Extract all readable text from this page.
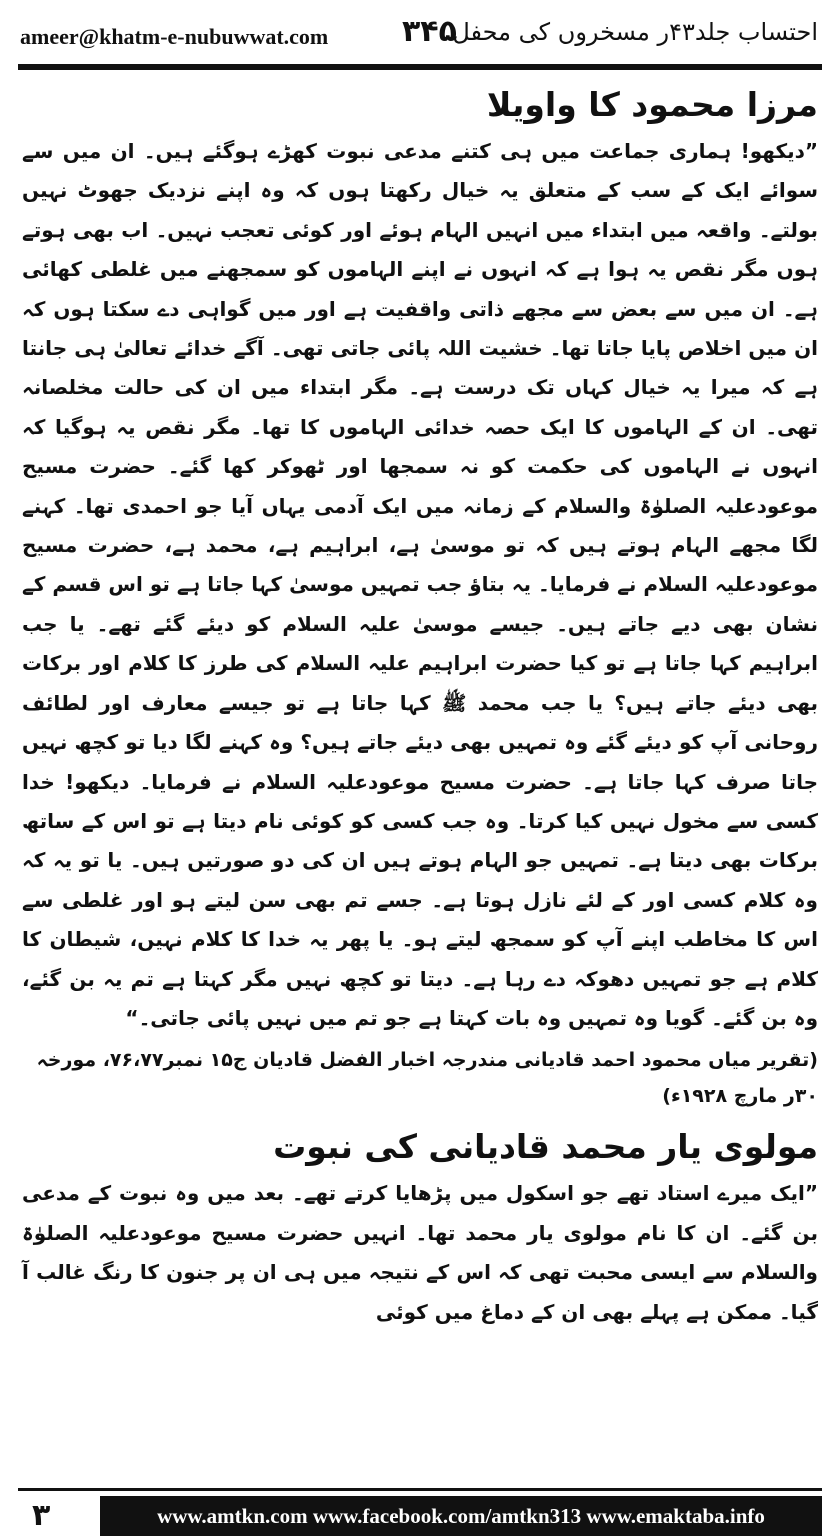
ameer@khatm-e-nubuwwat.com ۳۴۵
احتساب جلد۴۳ر مسخروں کی محفل
مرزا محمود کا واویلا

”دیکھو! ہماری جماعت میں ہی کتنے مدعی نبوت کھڑے ہوگئے ہیں۔ ان میں سے سوائے ایک کے سب کے متعلق یہ خیال رکھتا ہوں کہ وہ اپنے نزدیک جھوٹ نہیں بولتے۔ واقعہ میں ابتداء میں انہیں الہام ہوئے اور کوئی تعجب نہیں۔ اب بھی ہوتے ہوں مگر نقص یہ ہوا ہے کہ انہوں نے اپنے الہاموں کو سمجھنے میں غلطی کھائی ہے۔ ان میں سے بعض سے مجھے ذاتی واقفیت ہے اور میں گواہی دے سکتا ہوں کہ ان میں اخلاص پایا جاتا تھا۔ خشیت اللہ پائی جاتی تھی۔ آگے خدائے تعالیٰ ہی جانتا ہے کہ میرا یہ خیال کہاں تک درست ہے۔ مگر ابتداء میں ان کی حالت مخلصانہ تھی۔ ان کے الہاموں کا ایک حصہ خدائی الہاموں کا تھا۔ مگر نقص یہ ہوگیا کہ انہوں نے الہاموں کی حکمت کو نہ سمجھا اور ٹھوکر کھا گئے۔ حضرت مسیح موعودعلیہ الصلوٰۃ والسلام کے زمانہ میں ایک آدمی یہاں آیا جو احمدی تھا۔ کہنے لگا مجھے الہام ہوتے ہیں کہ تو موسیٰ ہے، ابراہیم ہے، محمد ہے، حضرت مسیح موعودعلیہ السلام نے فرمایا۔ یہ بتاؤ جب تمہیں موسیٰ کہا جاتا ہے تو اس قسم کے نشان بھی دیے جاتے ہیں۔ جیسے موسیٰ علیہ السلام کو دیئے گئے تھے۔ یا جب ابراہیم کہا جاتا ہے تو کیا حضرت ابراہیم علیہ السلام کی طرز کا کلام اور برکات بھی دیئے جاتے ہیں؟ یا جب محمد ﷺ کہا جاتا ہے تو جیسے معارف اور لطائف روحانی آپ کو دیئے گئے وہ تمہیں بھی دیئے جاتے ہیں؟ وہ کہنے لگا دیا تو کچھ نہیں جاتا صرف کہا جاتا ہے۔ حضرت مسیح موعودعلیہ السلام نے فرمایا۔ دیکھو! خدا کسی سے مخول نہیں کیا کرتا۔ وہ جب کسی کو کوئی نام دیتا ہے تو اس کے ساتھ برکات بھی دیتا ہے۔ تمہیں جو الہام ہوتے ہیں ان کی دو صورتیں ہیں۔ یا تو یہ کہ وہ کلام کسی اور کے لئے نازل ہوتا ہے۔ جسے تم بھی سن لیتے ہو اور غلطی سے اس کا مخاطب اپنے آپ کو سمجھ لیتے ہو۔ یا پھر یہ خدا کا کلام نہیں، شیطان کا کلام ہے جو تمہیں دھوکہ دے رہا ہے۔ دیتا تو کچھ نہیں مگر کہتا ہے تم یہ بن گئے، وہ بن گئے۔ گویا وہ تمہیں وہ بات کہتا ہے جو تم میں نہیں پائی جاتی۔“

(تقریر میاں محمود احمد قادیانی مندرجہ اخبار الفضل قادیان ج۱۵ نمبر۷۶،۷۷، مورخہ ۳۰ر مارچ ۱۹۲۸ء)
مولوی یار محمد قادیانی کی نبوت

”ایک میرے استاد تھے جو اسکول میں پڑھایا کرتے تھے۔ بعد میں وہ نبوت کے مدعی بن گئے۔ ان کا نام مولوی یار محمد تھا۔ انہیں حضرت مسیح موعودعلیہ الصلوٰۃ والسلام سے ایسی محبت تھی کہ اس کے نتیجہ میں ہی ان پر جنون کا رنگ غالب آ گیا۔ ممکن ہے پہلے بھی ان کے دماغ میں کوئی

۳	www.amtkn.com www.facebook.com/amtkn313 www.emaktaba.info
